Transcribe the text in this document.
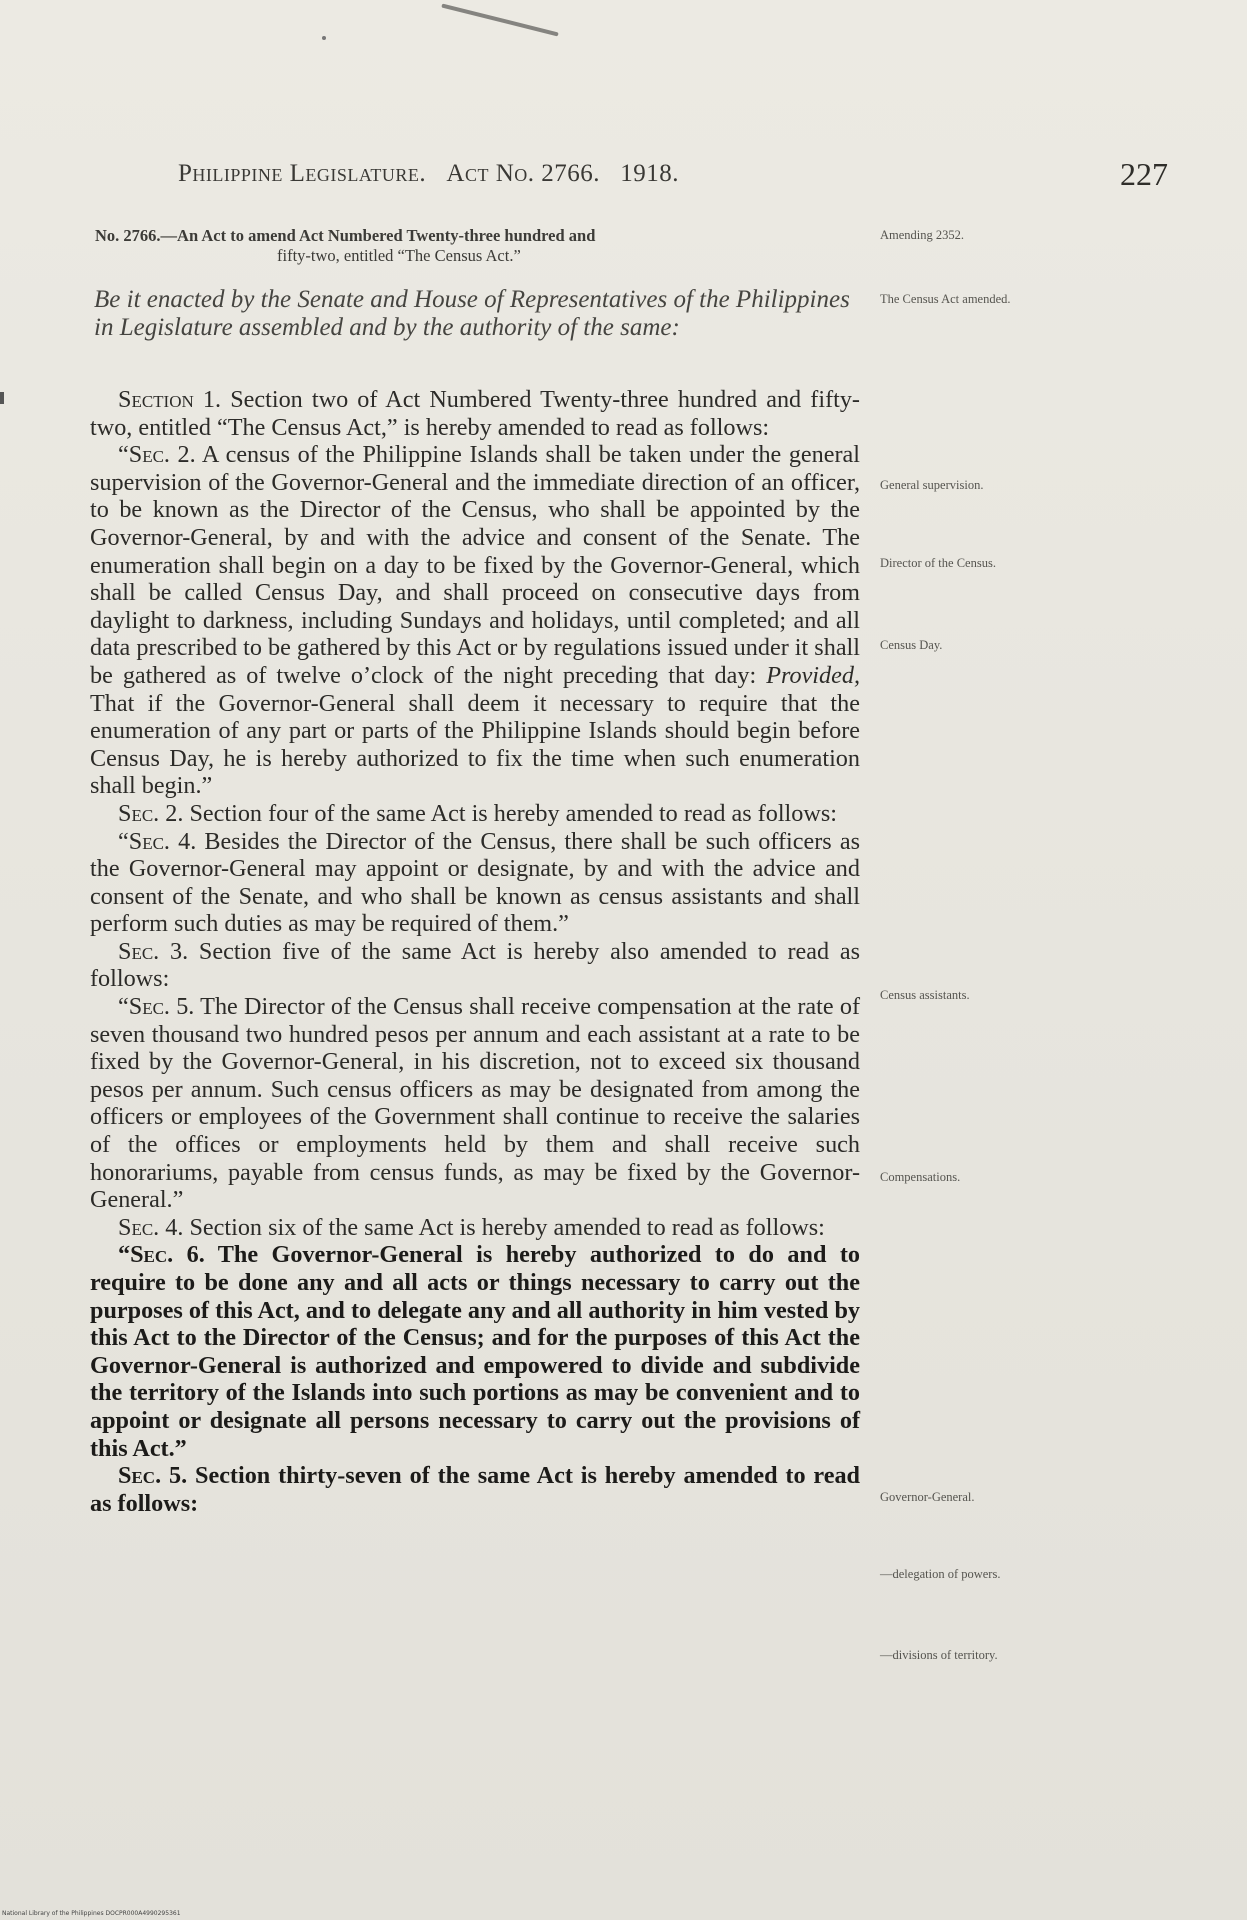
Philippine Legislature. Act No. 2766. 1918.	227
No. 2766.—An Act to amend Act Numbered Twenty-three hundred and
fifty-two, entitled “The Census Act.”
Be it enacted by the Senate and House of Representatives of the Philippines in Legislature assembled and by the authority of the same:

Section 1. Section two of Act Numbered Twenty-three hundred and fifty-two, entitled “The Census Act,” is hereby amended to read as follows:

“Sec. 2. A census of the Philippine Islands shall be taken under the general supervision of the Governor-General and the immediate direction of an officer, to be known as the Director of the Census, who shall be appointed by the Governor-General, by and with the advice and consent of the Senate. The enumeration shall begin on a day to be fixed by the Governor-General, which shall be called Census Day, and shall proceed on consecutive days from daylight to darkness, including Sundays and holidays, until completed; and all data prescribed to be gathered by this Act or by regulations issued under it shall be gathered as of twelve o’clock of the night preceding that day: Provided, That if the Governor-General shall deem it necessary to require that the enumeration of any part or parts of the Philippine Islands should begin before Census Day, he is hereby authorized to fix the time when such enumeration shall begin.”

Sec. 2. Section four of the same Act is hereby amended to read as follows:

“Sec. 4. Besides the Director of the Census, there shall be such officers as the Governor-General may appoint or designate, by and with the advice and consent of the Senate, and who shall be known as census assistants and shall perform such duties as may be required of them.”

Sec. 3. Section five of the same Act is hereby also amended to read as follows:

“Sec. 5. The Director of the Census shall receive compensation at the rate of seven thousand two hundred pesos per annum and each assistant at a rate to be fixed by the Governor-General, in his discretion, not to exceed six thousand pesos per annum. Such census officers as may be designated from among the officers or employees of the Government shall continue to receive the salaries of the offices or employments held by them and shall receive such honorariums, payable from census funds, as may be fixed by the Governor-General.”

Sec. 4. Section six of the same Act is hereby amended to read as follows:

“Sec. 6. The Governor-General is hereby authorized to do and to require to be done any and all acts or things necessary to carry out the purposes of this Act, and to delegate any and all authority in him vested by this Act to the Director of the Census; and for the purposes of this Act the Governor-General is authorized and empowered to divide and subdivide the territory of the Islands into such portions as may be convenient and to appoint or designate all persons necessary to carry out the provisions of this Act.”

Sec. 5. Section thirty-seven of the same Act is hereby amended to read as follows:

Amending 2352.
The Census Act amended.
General supervision.
Director of the Census.
Census Day.
Census assistants.
Compensations.
Governor-General.
—delegation of powers.
—divisions of territory.
National Library of the Philippines DOCPR000A4990295361
